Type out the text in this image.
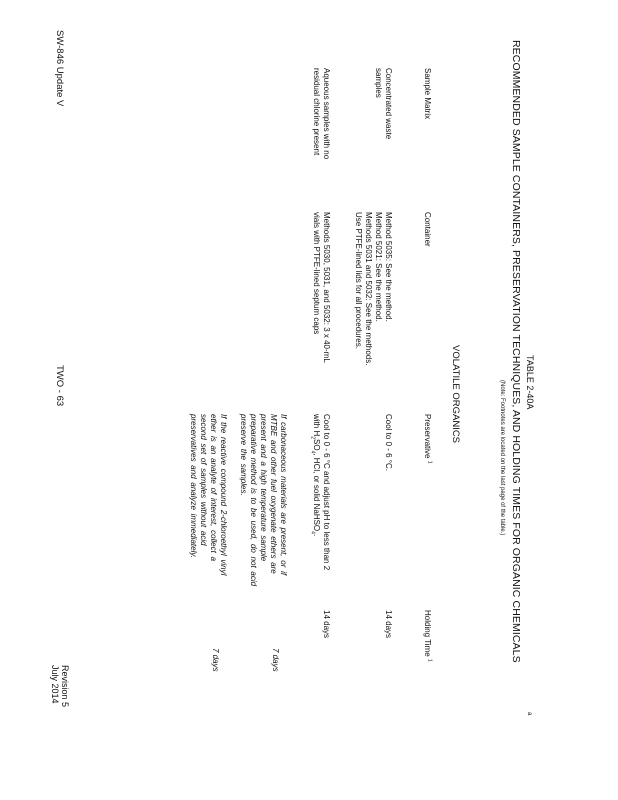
TABLE 2-40A
RECOMMENDED SAMPLE CONTAINERS, PRESERVATION TECHNIQUES, AND HOLDING TIMES FOR ORGANIC CHEMICALS
a
(Note: Footnotes are located on the last page of the table.)
VOLATILE ORGANICS
Sample Matrix
Container
Preservative $^1$
Holding Time $^1$
Concentrated waste
samples
Method 5035: See the method.
Method 5021: See the method.
Methods 5031 and 5032: See the methods.
Use PTFE-lined lids for all procedures.
Cool to 0 - 6 °C.
14 days
Aqueous samples with no
residual chlorine present
Methods 5030, 5031, and 5032: 3 x 40-mL
vials with PTFE-lined septum caps
Cool to 0 - 6 °C and adjust pH to less than 2
with $H_2SO_4$, HCl, or solid NaHSO$_4$.
14 days
If carbonaceous materials are present, or if
MTBE and other fuel oxygenate ethers are
present and a high temperature sample
preparative method is to be used, do not acid
preserve the samples.
7 days
If the reactive compound 2-chloroethyl vinyl
ether is an analyte of interest, collect a
second set of samples without acid
preservatives and analyze immediately.
7 days
SW-846 Update V
TWO - 63
Revision 5
July 2014
